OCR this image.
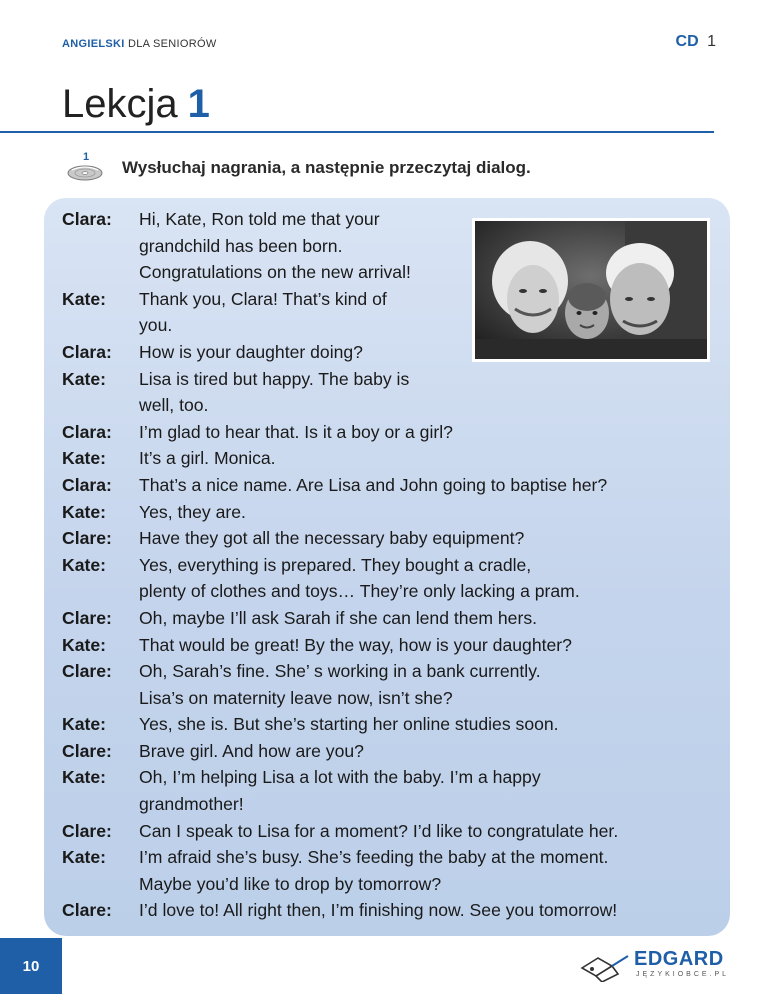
ANGIELSKI DLA SENIORÓW	CD 1
Lekcja 1
1
Wysłuchaj nagrania, a następnie przeczytaj dialog.
Clara:	Hi, Kate, Ron told me that your
grandchild has been born.
Congratulations on the new arrival!
Kate:	Thank you, Clara! That’s kind of
you.
Clara:	How is your daughter doing?
Kate:	Lisa is tired but happy. The baby is
well, too.
Clara:	I’m glad to hear that. Is it a boy or a girl?
Kate:	It’s a girl. Monica.
Clara:	That’s a nice name. Are Lisa and John going to baptise her?
Kate:	Yes, they are.
Clare:	Have they got all the necessary baby equipment?
Kate:	Yes, everything is prepared. They bought a cradle,
plenty of clothes and toys… They’re only lacking a pram.
Clare:	Oh, maybe I’ll ask Sarah if she can lend them hers.
Kate:	That would be great! By the way, how is your daughter?
Clare:	Oh, Sarah’s fine. She’ s working in a bank currently.
Lisa’s on maternity leave now, isn’t she?
Kate:	Yes, she is. But she’s starting her online studies soon.
Clare:	Brave girl. And how are you?
Kate:	Oh, I’m helping Lisa a lot with the baby. I’m a happy
grandmother!
Clare:	Can I speak to Lisa for a moment? I’d like to congratulate her.
Kate:	I’m afraid she’s busy. She’s feeding the baby at the moment.
Maybe you’d like to drop by tomorrow?
Clare:	I’d love to! All right then, I’m finishing now. See you tomorrow!
10	EDGARD
JĘZYKIOBCE.PL
